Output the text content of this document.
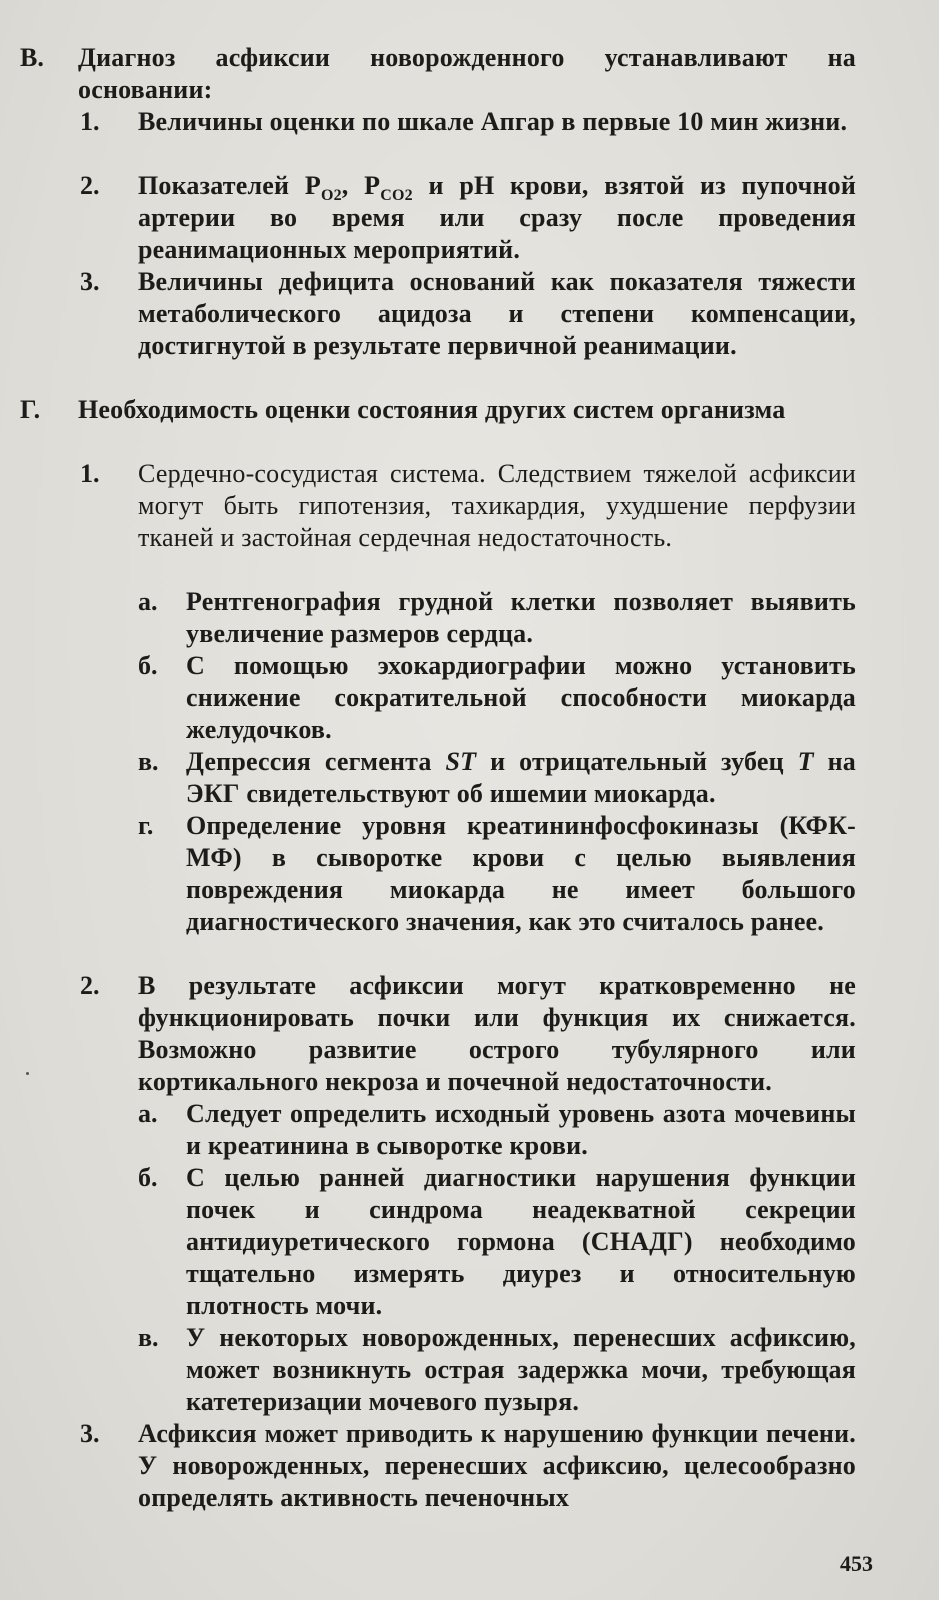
В. Диагноз асфиксии новорожденного устанавливают на основании:
1. Величины оценки по шкале Апгар в первые 10 мин жизни.
2. Показателей $P_{O2}$, $P_{CO2}$ и pH крови, взятой из пупочной артерии во время или сразу после проведения реанимационных мероприятий.
3. Величины дефицита оснований как показателя тяжести метаболического ацидоза и степени компенсации, достигнутой в результате первичной реанимации.
Г. Необходимость оценки состояния других систем организма
1. Сердечно-сосудистая система. Следствием тяжелой асфиксии могут быть гипотензия, тахикардия, ухудшение перфузии тканей и застойная сердечная недостаточность.
а. Рентгенография грудной клетки позволяет выявить увеличение размеров сердца.
б. С помощью эхокардиографии можно установить снижение сократительной способности миокарда желудочков.
в. Депрессия сегмента ST и отрицательный зубец T на ЭКГ свидетельствуют об ишемии миокарда.
г. Определение уровня креатининфосфокиназы (КФК-МФ) в сыворотке крови с целью выявления повреждения миокарда не имеет большого диагностического значения, как это считалось ранее.
2. В результате асфиксии могут кратковременно не функционировать почки или функция их снижается. Возможно развитие острого тубулярного или кортикального некроза и почечной недостаточности.
а. Следует определить исходный уровень азота мочевины и креатинина в сыворотке крови.
б. С целью ранней диагностики нарушения функции почек и синдрома неадекватной секреции антидиуретического гормона (СНАДГ) необходимо тщательно измерять диурез и относительную плотность мочи.
в. У некоторых новорожденных, перенесших асфиксию, может возникнуть острая задержка мочи, требующая катетеризации мочевого пузыря.
3. Асфиксия может приводить к нарушению функции печени. У новорожденных, перенесших асфиксию, целесообразно определять активность печеночных
453
